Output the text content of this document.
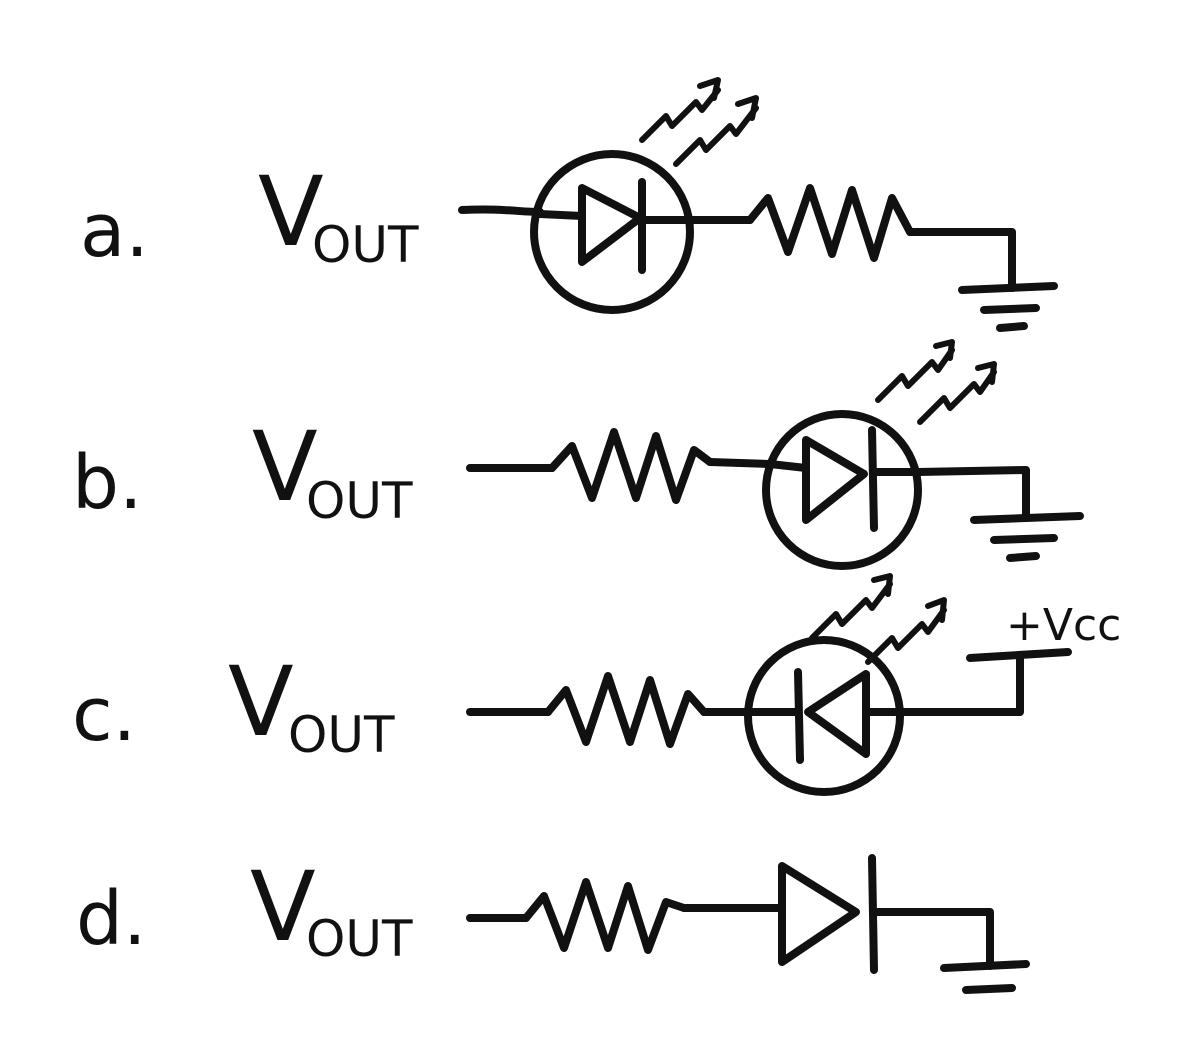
a. V
OUT
b. V
OUT
c. V
OUT
+Vcc
d. V
OUT
